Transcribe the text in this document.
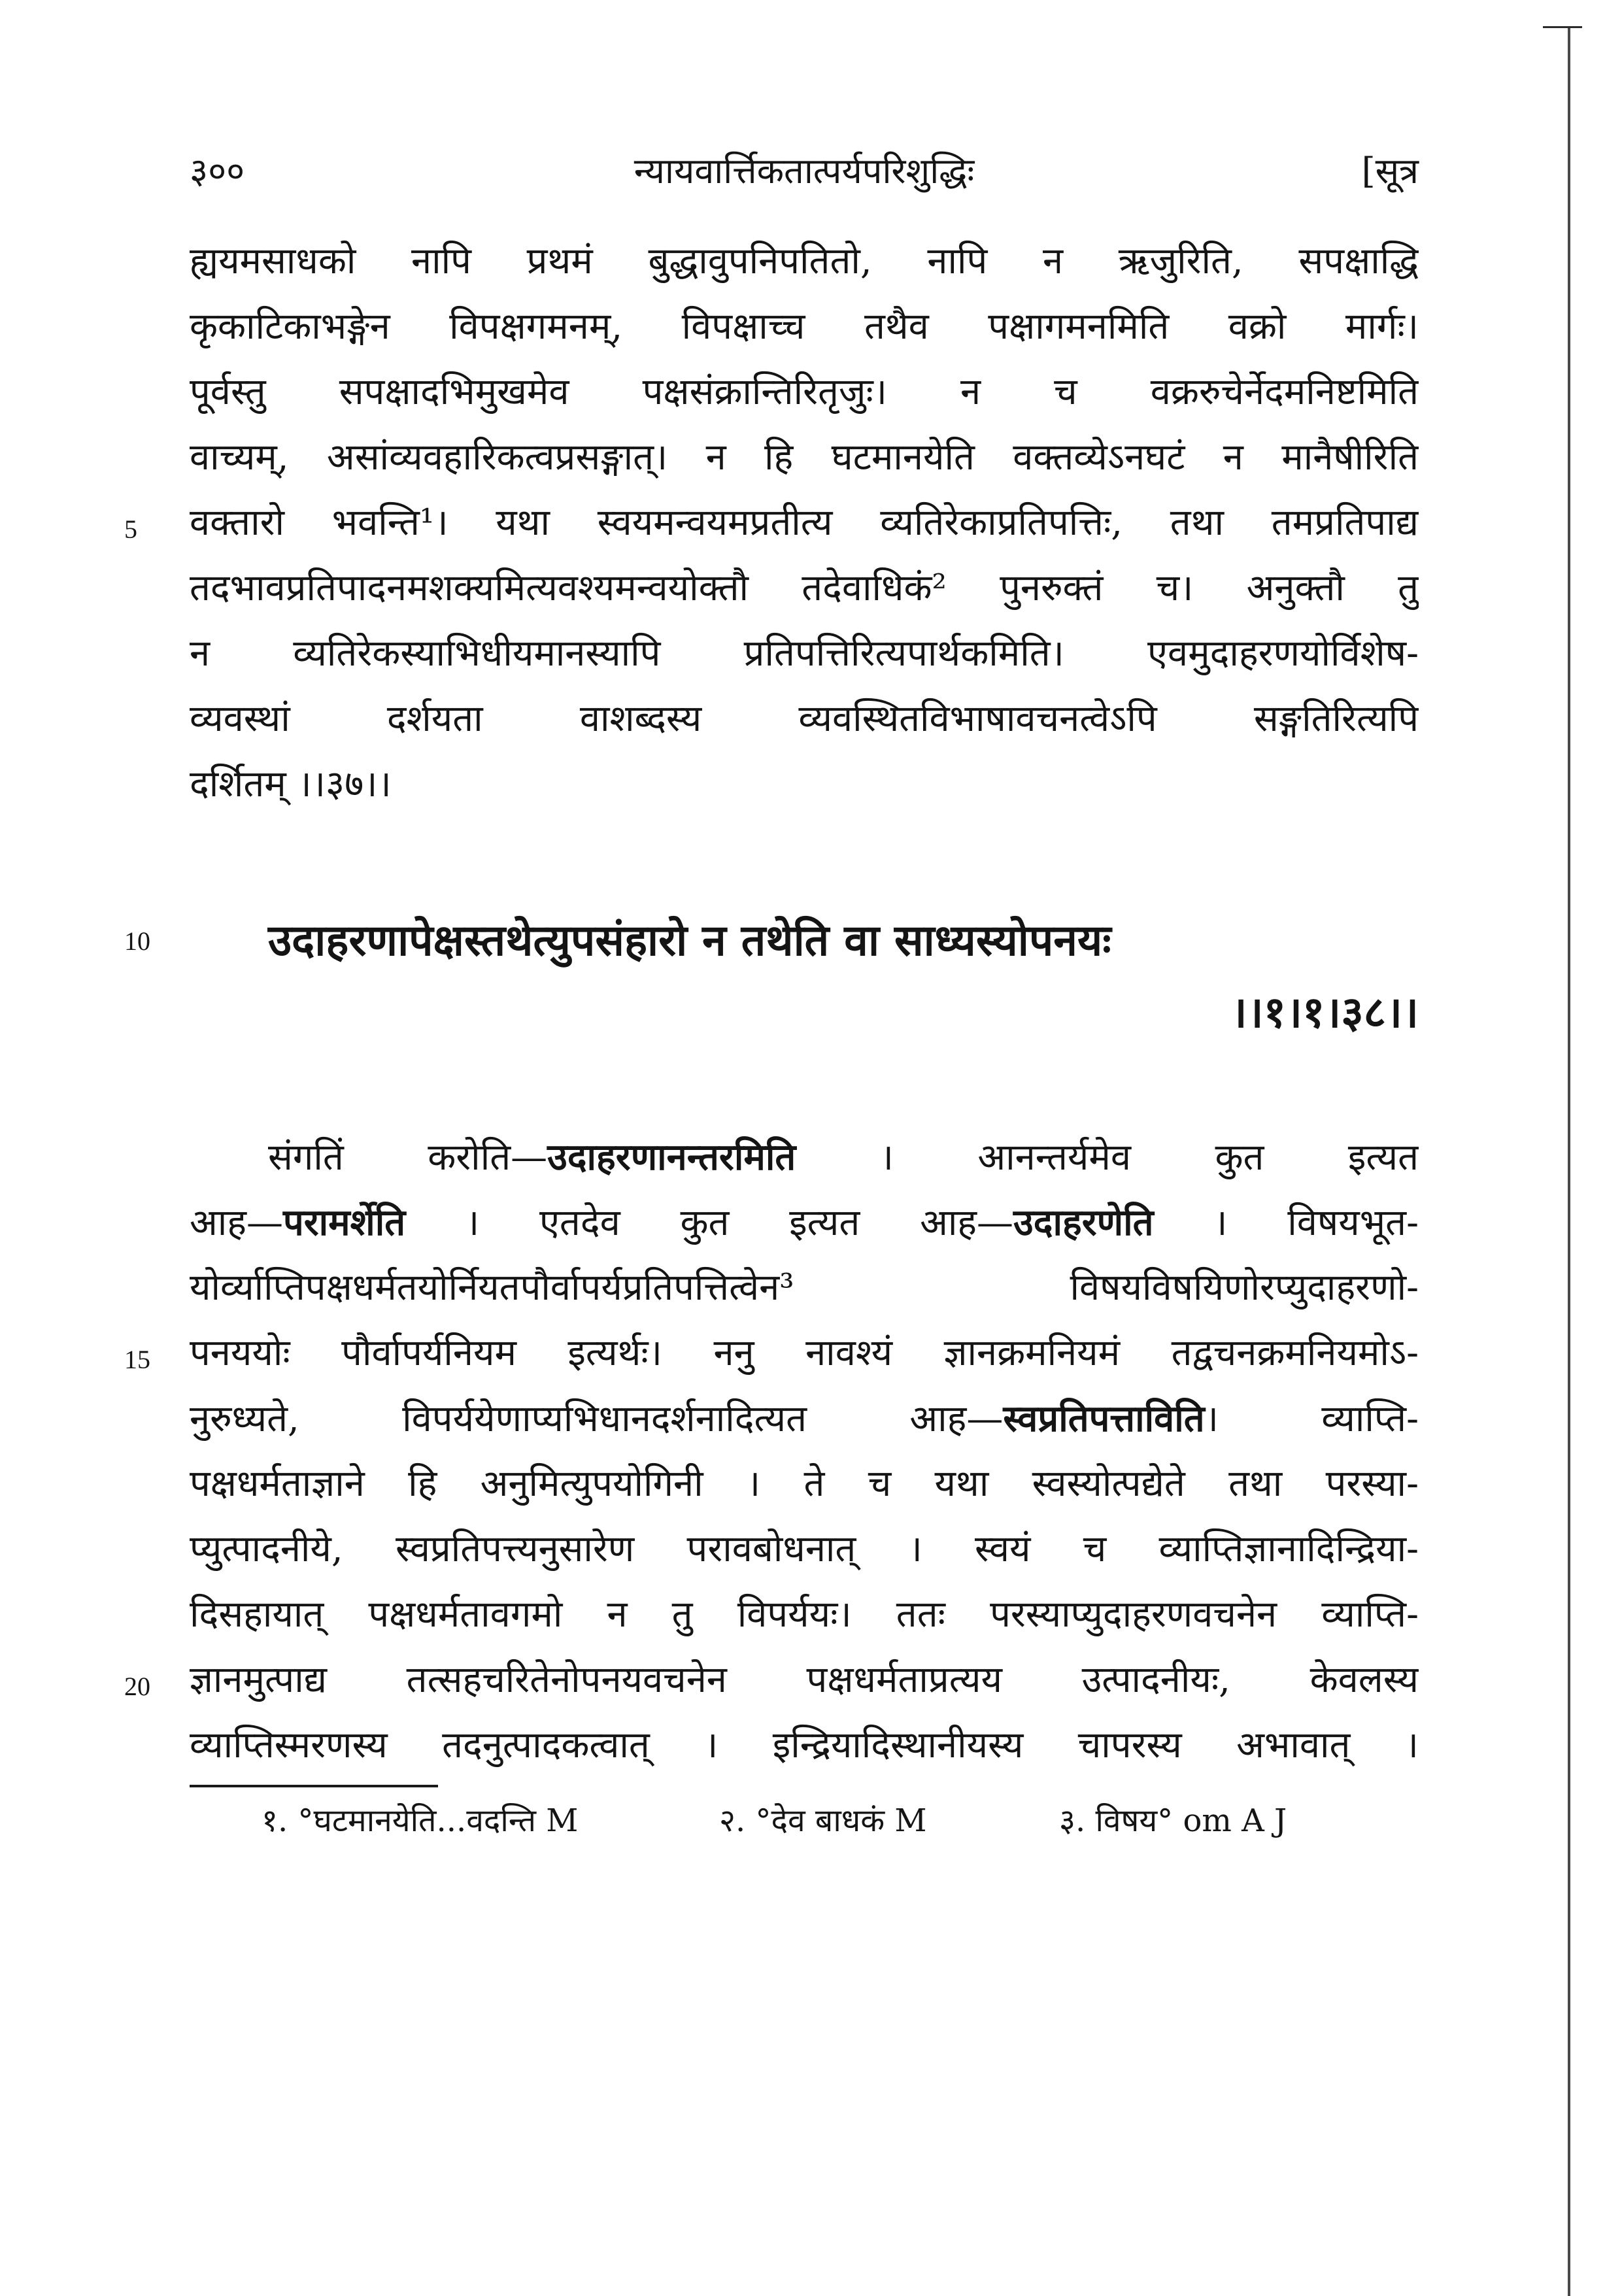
३००	न्यायवार्त्तिकतात्पर्यपरिशुद्धिः	[सूत्र
ह्ययमसाधको नापि प्रथमं बुद्धावुपनिपतितो, नापि न ऋजुरिति, सपक्षाद्धि
कृकाटिकाभङ्गेन विपक्षगमनम्, विपक्षाच्च तथैव पक्षागमनमिति वक्रो मार्गः।
पूर्वस्तु सपक्षादभिमुखमेव पक्षसंक्रान्तिरितृजुः। न च वक्ररुचेर्नेदमनिष्टमिति
वाच्यम्, असांव्यवहारिकत्वप्रसङ्गात्। न हि घटमानयेति वक्तव्येऽनघटं न मानैषीरिति
5 वक्तारो भवन्ति¹। यथा स्वयमन्वयमप्रतीत्य व्यतिरेकाप्रतिपत्तिः, तथा तमप्रतिपाद्य
तदभावप्रतिपादनमशक्यमित्यवश्यमन्वयोक्तौ तदेवाधिकं² पुनरुक्तं च। अनुक्तौ तु
न व्यतिरेकस्याभिधीयमानस्यापि प्रतिपत्तिरित्यपार्थकमिति। एवमुदाहरणयोर्विशेष-
व्यवस्थां दर्शयता वाशब्दस्य व्यवस्थितविभाषावचनत्वेऽपि सङ्गतिरित्यपि
दर्शितम् ।।३७।।
10	उदाहरणापेक्षस्तथेत्युपसंहारो न तथेति वा साध्यस्योपनयः
।।१।१।३८।।
संगतिं करोति—उदाहरणानन्तरमिति । आनन्तर्यमेव कुत इत्यत
आह—परामर्शेति । एतदेव कुत इत्यत आह—उदाहरणेति । विषयभूत-
योर्व्याप्तिपक्षधर्मतयोर्नियतपौर्वापर्यप्रतिपत्तित्वेन³ विषयविषयिणोरप्युदाहरणो-
15 पनययोः पौर्वापर्यनियम इत्यर्थः। ननु नावश्यं ज्ञानक्रमनियमं तद्वचनक्रमनियमोऽ-
नुरुध्यते, विपर्ययेणाप्यभिधानदर्शनादित्यत आह—स्वप्रतिपत्ताविति। व्याप्ति-
पक्षधर्मताज्ञाने हि अनुमित्युपयोगिनी । ते च यथा स्वस्योत्पद्येते तथा परस्या-
प्युत्पादनीये, स्वप्रतिपत्त्यनुसारेण परावबोधनात् । स्वयं च व्याप्तिज्ञानादिन्द्रिया-
दिसहायात् पक्षधर्मतावगमो न तु विपर्ययः। ततः परस्याप्युदाहरणवचनेन व्याप्ति-
20 ज्ञानमुत्पाद्य तत्सहचरितेनोपनयवचनेन पक्षधर्मताप्रत्यय उत्पादनीयः, केवलस्य
व्याप्तिस्मरणस्य तदनुत्पादकत्वात् । इन्द्रियादिस्थानीयस्य चापरस्य अभावात् ।
१. °घटमानयेति...वदन्ति M	२. °देव बाधकं M	३. विषय° om A J
